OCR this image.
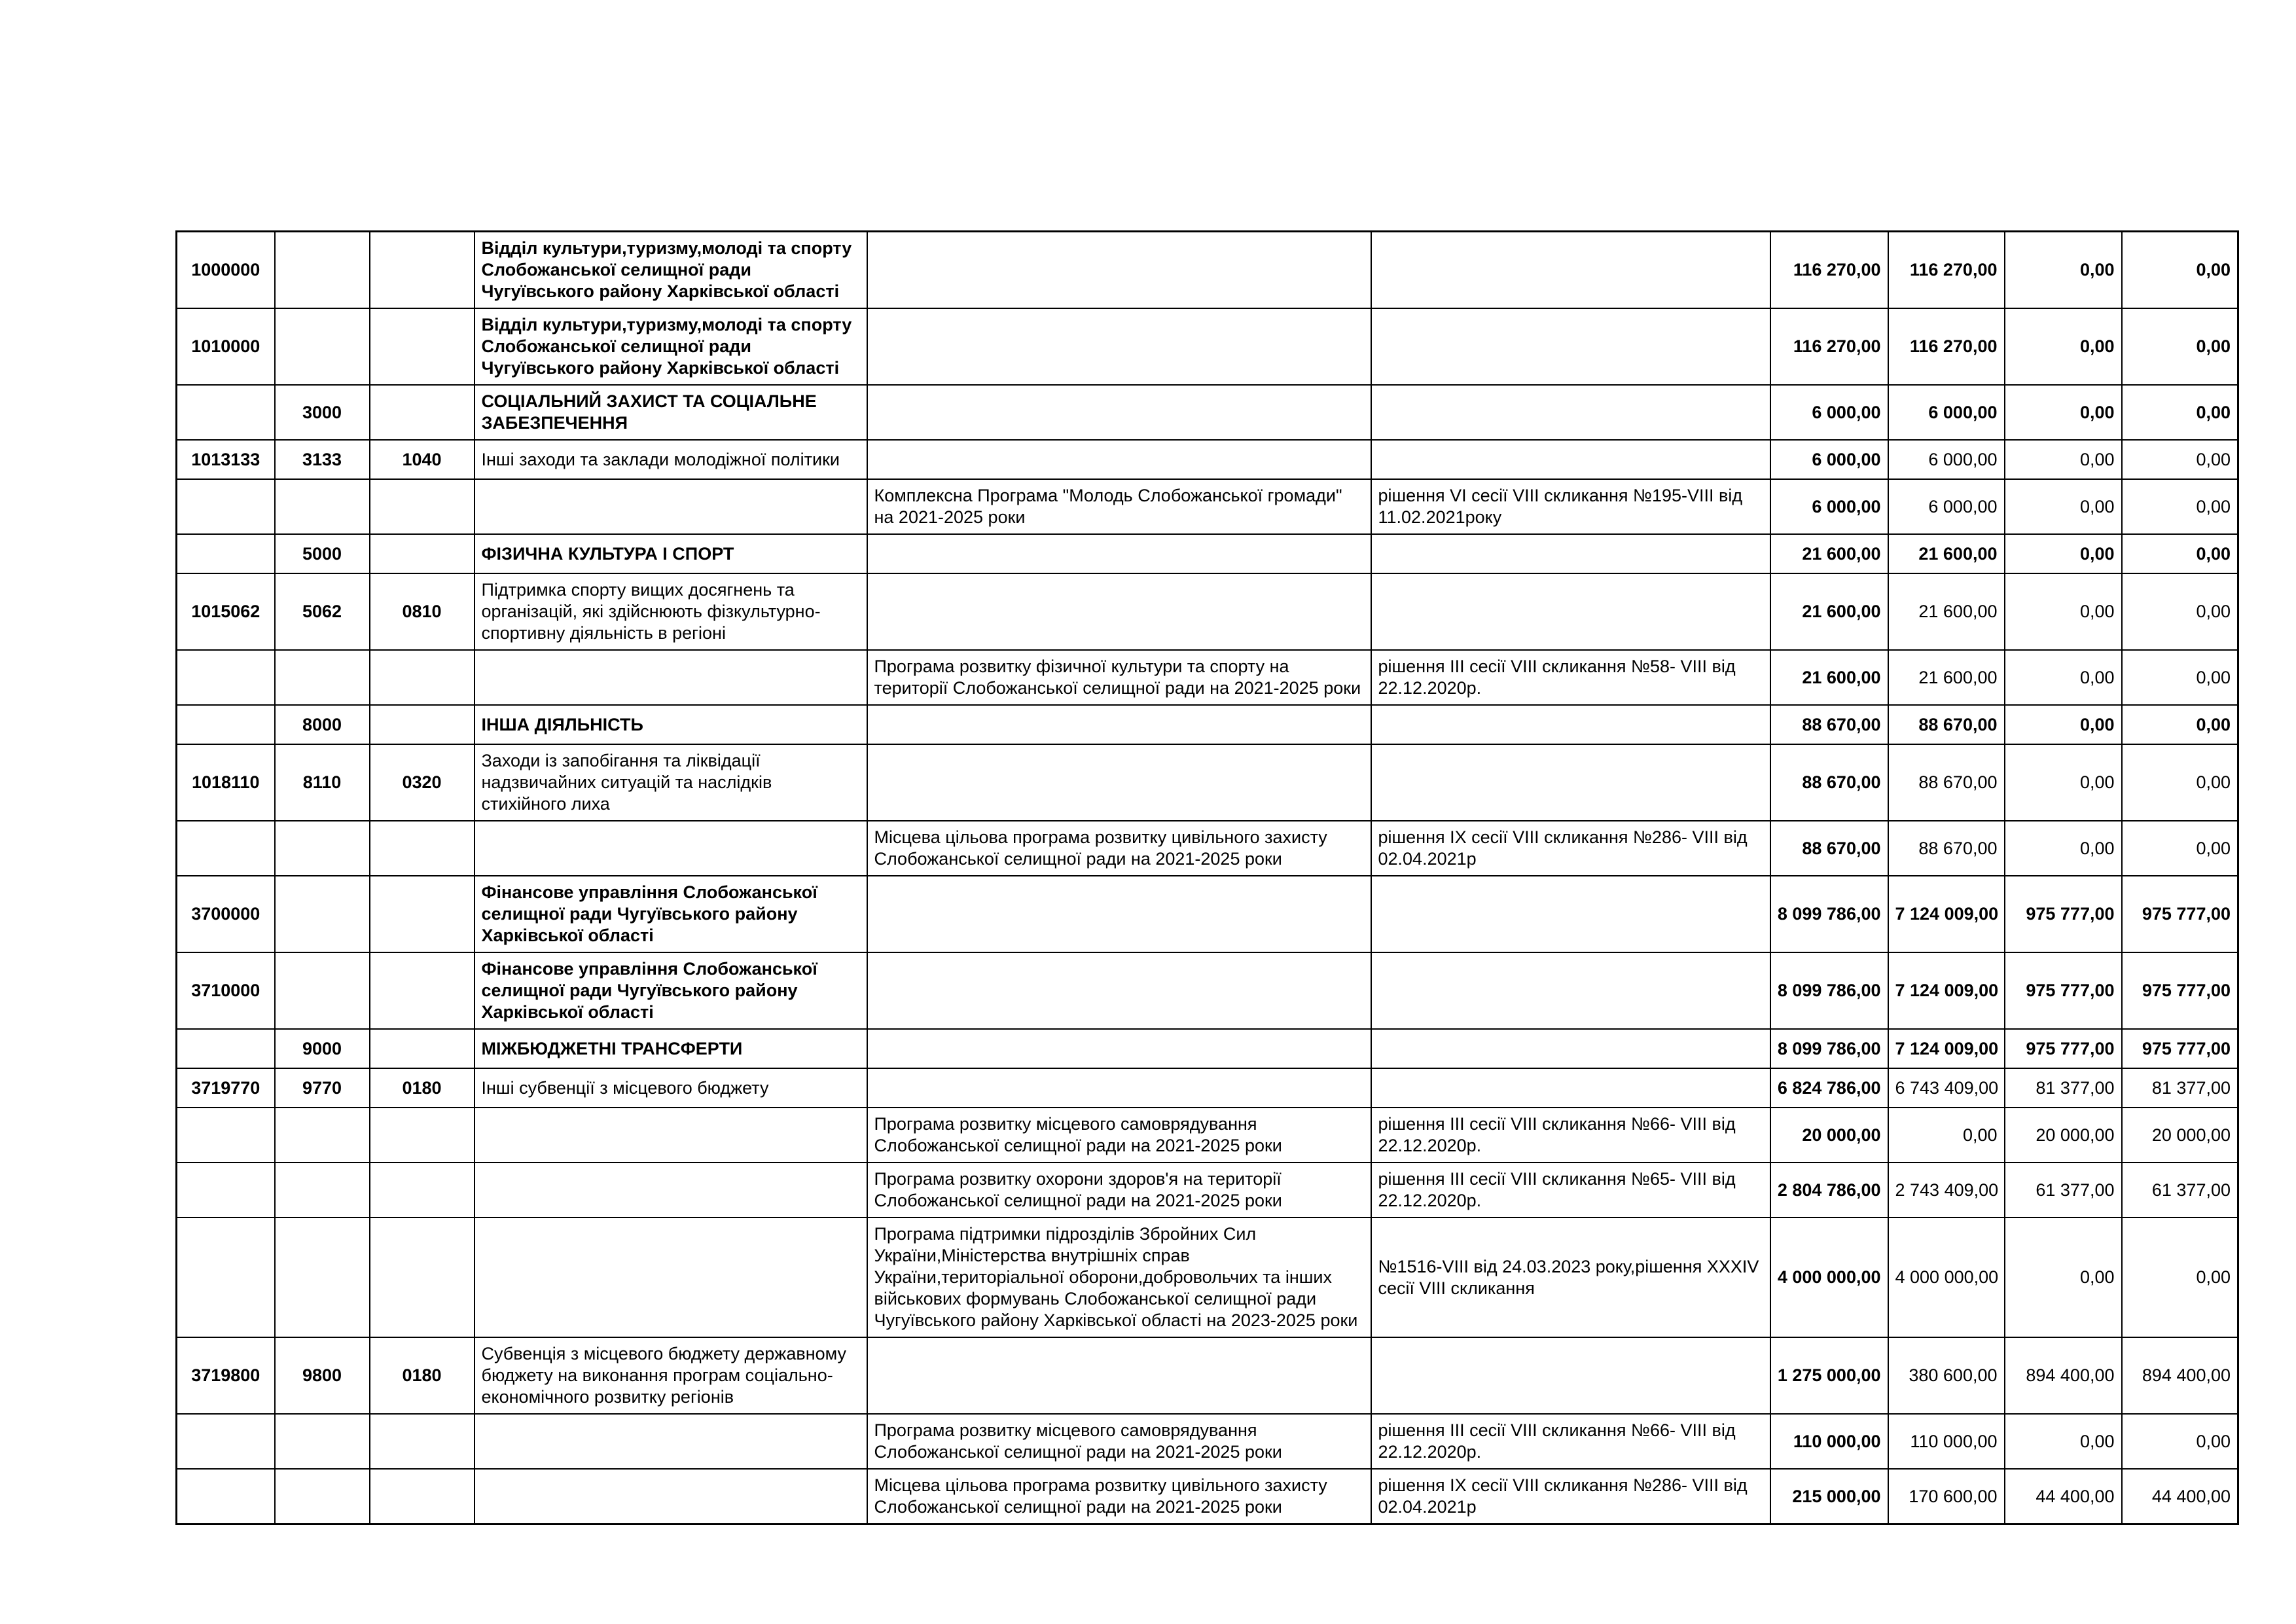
1000000			Відділ культури,туризму,молоді та спорту Слобожанської селищної ради Чугуївського району Харківської області			116 270,00	116 270,00	0,00	0,00
1010000			Відділ культури,туризму,молоді та спорту Слобожанської селищної ради Чугуївського району Харківської області			116 270,00	116 270,00	0,00	0,00
	3000		СОЦІАЛЬНИЙ ЗАХИСТ ТА СОЦІАЛЬНЕ ЗАБЕЗПЕЧЕННЯ			6 000,00	6 000,00	0,00	0,00
1013133	3133	1040	Інші заходи та заклади молодіжної політики			6 000,00	6 000,00	0,00	0,00
				Комплексна Програма "Молодь Слобожанської громади" на 2021-2025 роки	рішення VI сесії VIII скликання №195-VIII від 11.02.2021року	6 000,00	6 000,00	0,00	0,00
	5000		ФІЗИЧНА КУЛЬТУРА І СПОРТ			21 600,00	21 600,00	0,00	0,00
1015062	5062	0810	Підтримка спорту вищих досягнень та організацій, які здійснюють фізкультурно-спортивну діяльність в регіоні			21 600,00	21 600,00	0,00	0,00
				Програма розвитку фізичної культури та спорту на території Слобожанської селищної ради на 2021-2025 роки	рішення III сесії VIII скликання №58- VIII від 22.12.2020р.	21 600,00	21 600,00	0,00	0,00
	8000		ІНША ДІЯЛЬНІСТЬ			88 670,00	88 670,00	0,00	0,00
1018110	8110	0320	Заходи із запобігання та ліквідації надзвичайних ситуацій та наслідків стихійного лиха			88 670,00	88 670,00	0,00	0,00
				Місцева цільова програма розвитку цивільного захисту Слобожанської селищної ради на 2021-2025 роки	рішення IX сесії VIII скликання №286- VIII від 02.04.2021р	88 670,00	88 670,00	0,00	0,00
3700000			Фінансове управління Слобожанської селищної ради Чугуївського району Харківської області			8 099 786,00	7 124 009,00	975 777,00	975 777,00
3710000			Фінансове управління Слобожанської селищної ради Чугуївського району Харківської області			8 099 786,00	7 124 009,00	975 777,00	975 777,00
	9000		МІЖБЮДЖЕТНІ ТРАНСФЕРТИ			8 099 786,00	7 124 009,00	975 777,00	975 777,00
3719770	9770	0180	Інші субвенції з місцевого бюджету			6 824 786,00	6 743 409,00	81 377,00	81 377,00
				Програма розвитку місцевого самоврядування Слобожанської селищної ради на 2021-2025 роки	рішення III сесії VIII скликання №66- VIII від 22.12.2020р.	20 000,00	0,00	20 000,00	20 000,00
				Програма розвитку охорони здоров'я на території Слобожанської селищної ради на 2021-2025 роки	рішення III сесії VIII скликання №65- VIII від 22.12.2020р.	2 804 786,00	2 743 409,00	61 377,00	61 377,00
				Програма підтримки підрозділів Збройних Сил України,Міністерства внутрішніх справ України,територіальної оборони,добровольчих та інших військових формувань Слобожанської селищної ради Чугуївського району Харківської області на 2023-2025 роки	№1516-VIII від 24.03.2023 року,рішення XXXIV сесії VIII скликання	4 000 000,00	4 000 000,00	0,00	0,00
3719800	9800	0180	Субвенція з місцевого бюджету державному бюджету на виконання програм соціально-економічного розвитку регіонів			1 275 000,00	380 600,00	894 400,00	894 400,00
				Програма розвитку місцевого самоврядування Слобожанської селищної ради на 2021-2025 роки	рішення III сесії VIII скликання №66- VIII від 22.12.2020р.	110 000,00	110 000,00	0,00	0,00
				Місцева цільова програма розвитку цивільного захисту Слобожанської селищної ради на 2021-2025 роки	рішення IX сесії VIII скликання №286- VIII від 02.04.2021р	215 000,00	170 600,00	44 400,00	44 400,00
